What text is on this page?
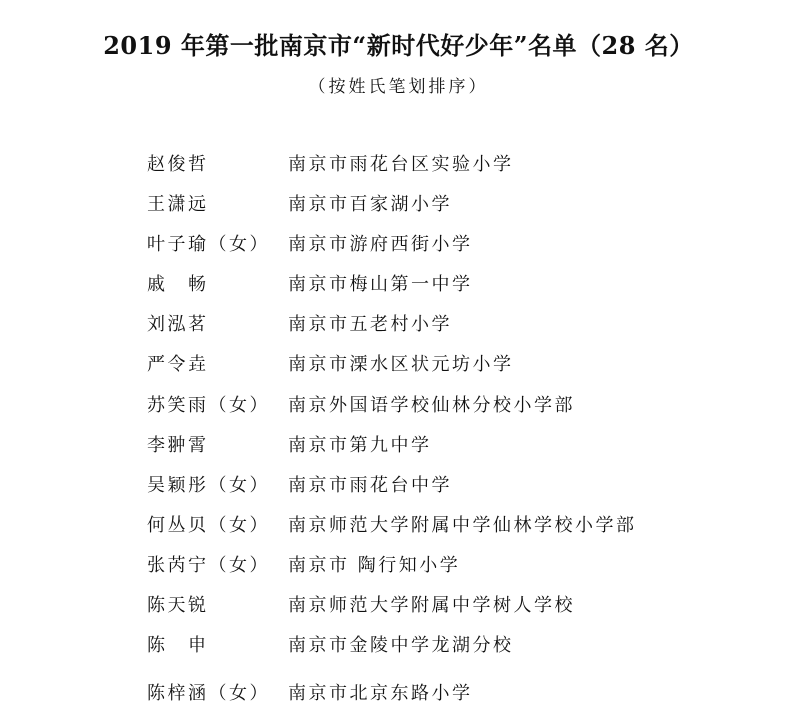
2019 年第一批南京市“新时代好少年”名单（28 名）
（按姓氏笔划排序）
赵俊哲	南京市雨花台区实验小学
王潇远	南京市百家湖小学
叶子瑜（女） 南京市游府西街小学
戚　畅	南京市梅山第一中学
刘泓茗	南京市五老村小学
严令垚	南京市溧水区状元坊小学
苏笑雨（女） 南京外国语学校仙林分校小学部
李翀霄	南京市第九中学
吴颖彤（女） 南京市雨花台中学
何丛贝（女） 南京师范大学附属中学仙林学校小学部
张芮宁（女） 南京市 陶行知小学
陈天锐	南京师范大学附属中学树人学校
陈　申	南京市金陵中学龙湖分校
陈梓涵（女） 南京市北京东路小学
